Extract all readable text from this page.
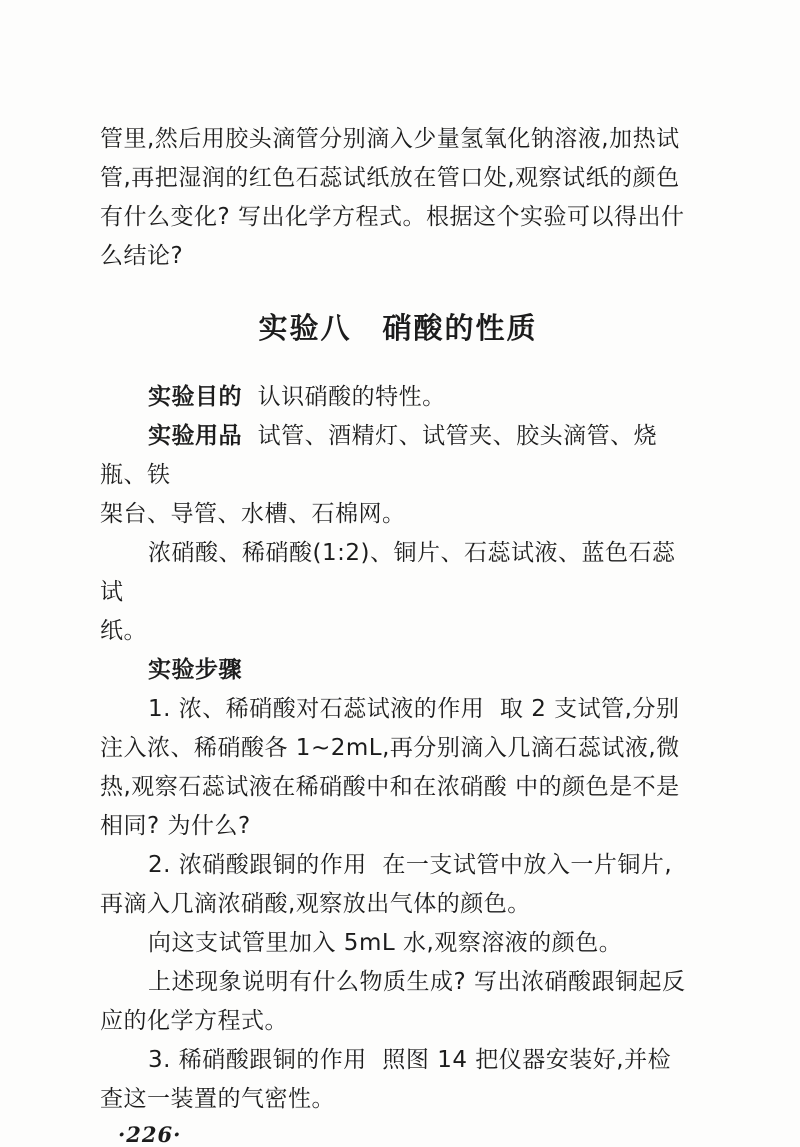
管里,然后用胶头滴管分别滴入少量氢氧化钠溶液,加热试
管,再把湿润的红色石蕊试纸放在管口处,观察试纸的颜色
有什么变化? 写出化学方程式。根据这个实验可以得出什
么结论?
实验八　硝酸的性质
实验目的  认识硝酸的特性。
实验用品  试管、酒精灯、试管夹、胶头滴管、烧瓶、铁
架台、导管、水槽、石棉网。
浓硝酸、稀硝酸(1:2)、铜片、石蕊试液、蓝色石蕊试
纸。
实验步骤
1. 浓、稀硝酸对石蕊试液的作用  取 2 支试管,分别
注入浓、稀硝酸各 1~2mL,再分别滴入几滴石蕊试液,微
热,观察石蕊试液在稀硝酸中和在浓硝酸 中的颜色是不是
相同? 为什么?
2. 浓硝酸跟铜的作用  在一支试管中放入一片铜片,
再滴入几滴浓硝酸,观察放出气体的颜色。
向这支试管里加入 5mL 水,观察溶液的颜色。
上述现象说明有什么物质生成? 写出浓硝酸跟铜起反
应的化学方程式。
3. 稀硝酸跟铜的作用  照图 14 把仪器安装好,并检
查这一装置的气密性。
·226·
